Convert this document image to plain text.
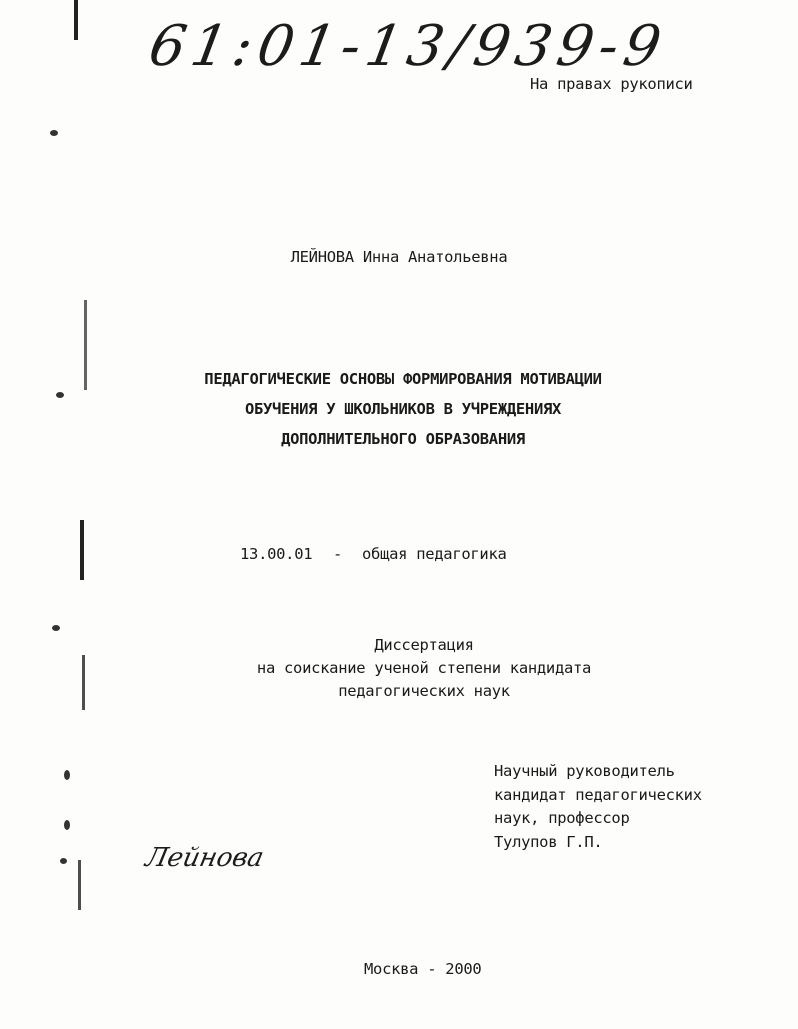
61:01-13/939-9
На правах рукописи
ЛЕЙНОВА Инна Анатольевна
ПЕДАГОГИЧЕСКИЕ ОСНОВЫ ФОРМИРОВАНИЯ МОТИВАЦИИ
ОБУЧЕНИЯ У ШКОЛЬНИКОВ В УЧРЕЖДЕНИЯХ
ДОПОЛНИТЕЛЬНОГО ОБРАЗОВАНИЯ
13.00.01 - общая педагогика
Диссертация
на соискание ученой степени кандидата
педагогических наук
Научный руководитель
кандидат педагогических
наук, профессор
Тулупов Г.П.
Лейнова
Москва - 2000
